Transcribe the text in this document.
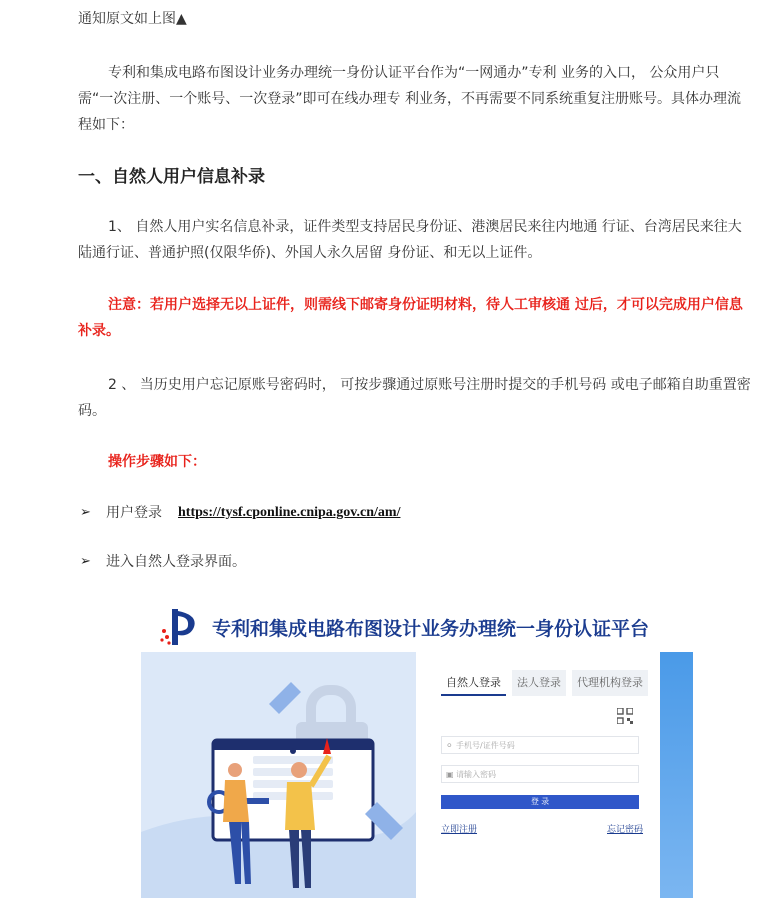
通知原文如上图▲

专利和集成电路布图设计业务办理统一身份认证平台作为“一网通办”专利 业务的入口， 公众用户只需“一次注册、一个账号、一次登录”即可在线办理专 利业务，不再需要不同系统重复注册账号。具体办理流程如下：

一、自然人用户信息补录

1、 自然人用户实名信息补录，证件类型支持居民身份证、港澳居民来往内地通 行证、台湾居民来往大陆通行证、普通护照(仅限华侨)、外国人永久居留 身份证、和无以上证件。

注意：若用户选择无以上证件，则需线下邮寄身份证明材料，待人工审核通 过后，才可以完成用户信息补录。

2 、 当历史用户忘记原账号密码时， 可按步骤通过原账号注册时提交的手机号码 或电子邮箱自助重置密码。

操作步骤如下：

➢	用户登录 https://tysf.cponline.cnipa.gov.cn/am/
➢	进入自然人登录界面。
专利和集成电路布图设计业务办理统一身份认证平台
自然人登录	法人登录	代理机构登录
⚪ 手机号/证件号码
▣ 请输入密码
登 录
立即注册	忘记密码
